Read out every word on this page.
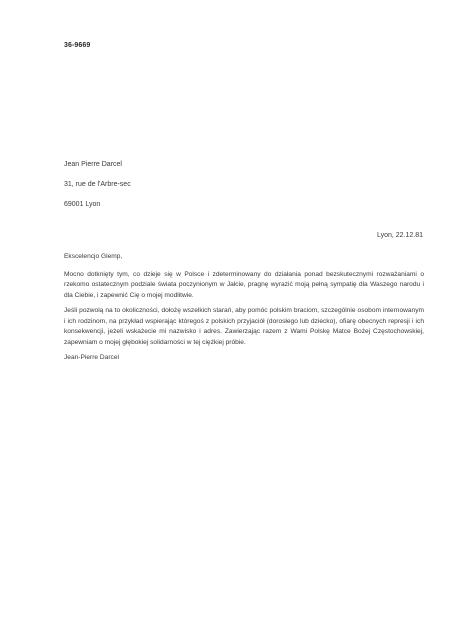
36-9669
Jean Pierre Darcel
31, rue de l'Arbre-sec
69001 Lyon
Lyon, 22.12.81

Ekscelencjo Glemp,

Mocno dotknięty tym, co dzieje się w Polsce i zdeterminowany do działania ponad bezskutecznymi rozważaniami o rzekomo ostatecznym podziale świata poczynionym w Jałcie, pragnę wyrazić moją pełną sympatię dla Waszego narodu i dla Ciebie, i zapewnić Cię o mojej modlitwie.

Jeśli pozwolą na to okoliczności, dołożę wszelkich starań, aby pomóc polskim braciom, szczególnie osobom internowanym i ich rodzinom, na przykład wspierając któregoś z polskich przyjaciół (dorosłego lub dziecko), ofiarę obecnych represji i ich konsekwencji, jeżeli wskażecie mi nazwisko i adres. Zawierzając razem z Wami Polskę Matce Bożej Częstochowskiej, zapewniam o mojej głębokiej solidarności w tej ciężkiej próbie.

Jean-Pierre Darcel
